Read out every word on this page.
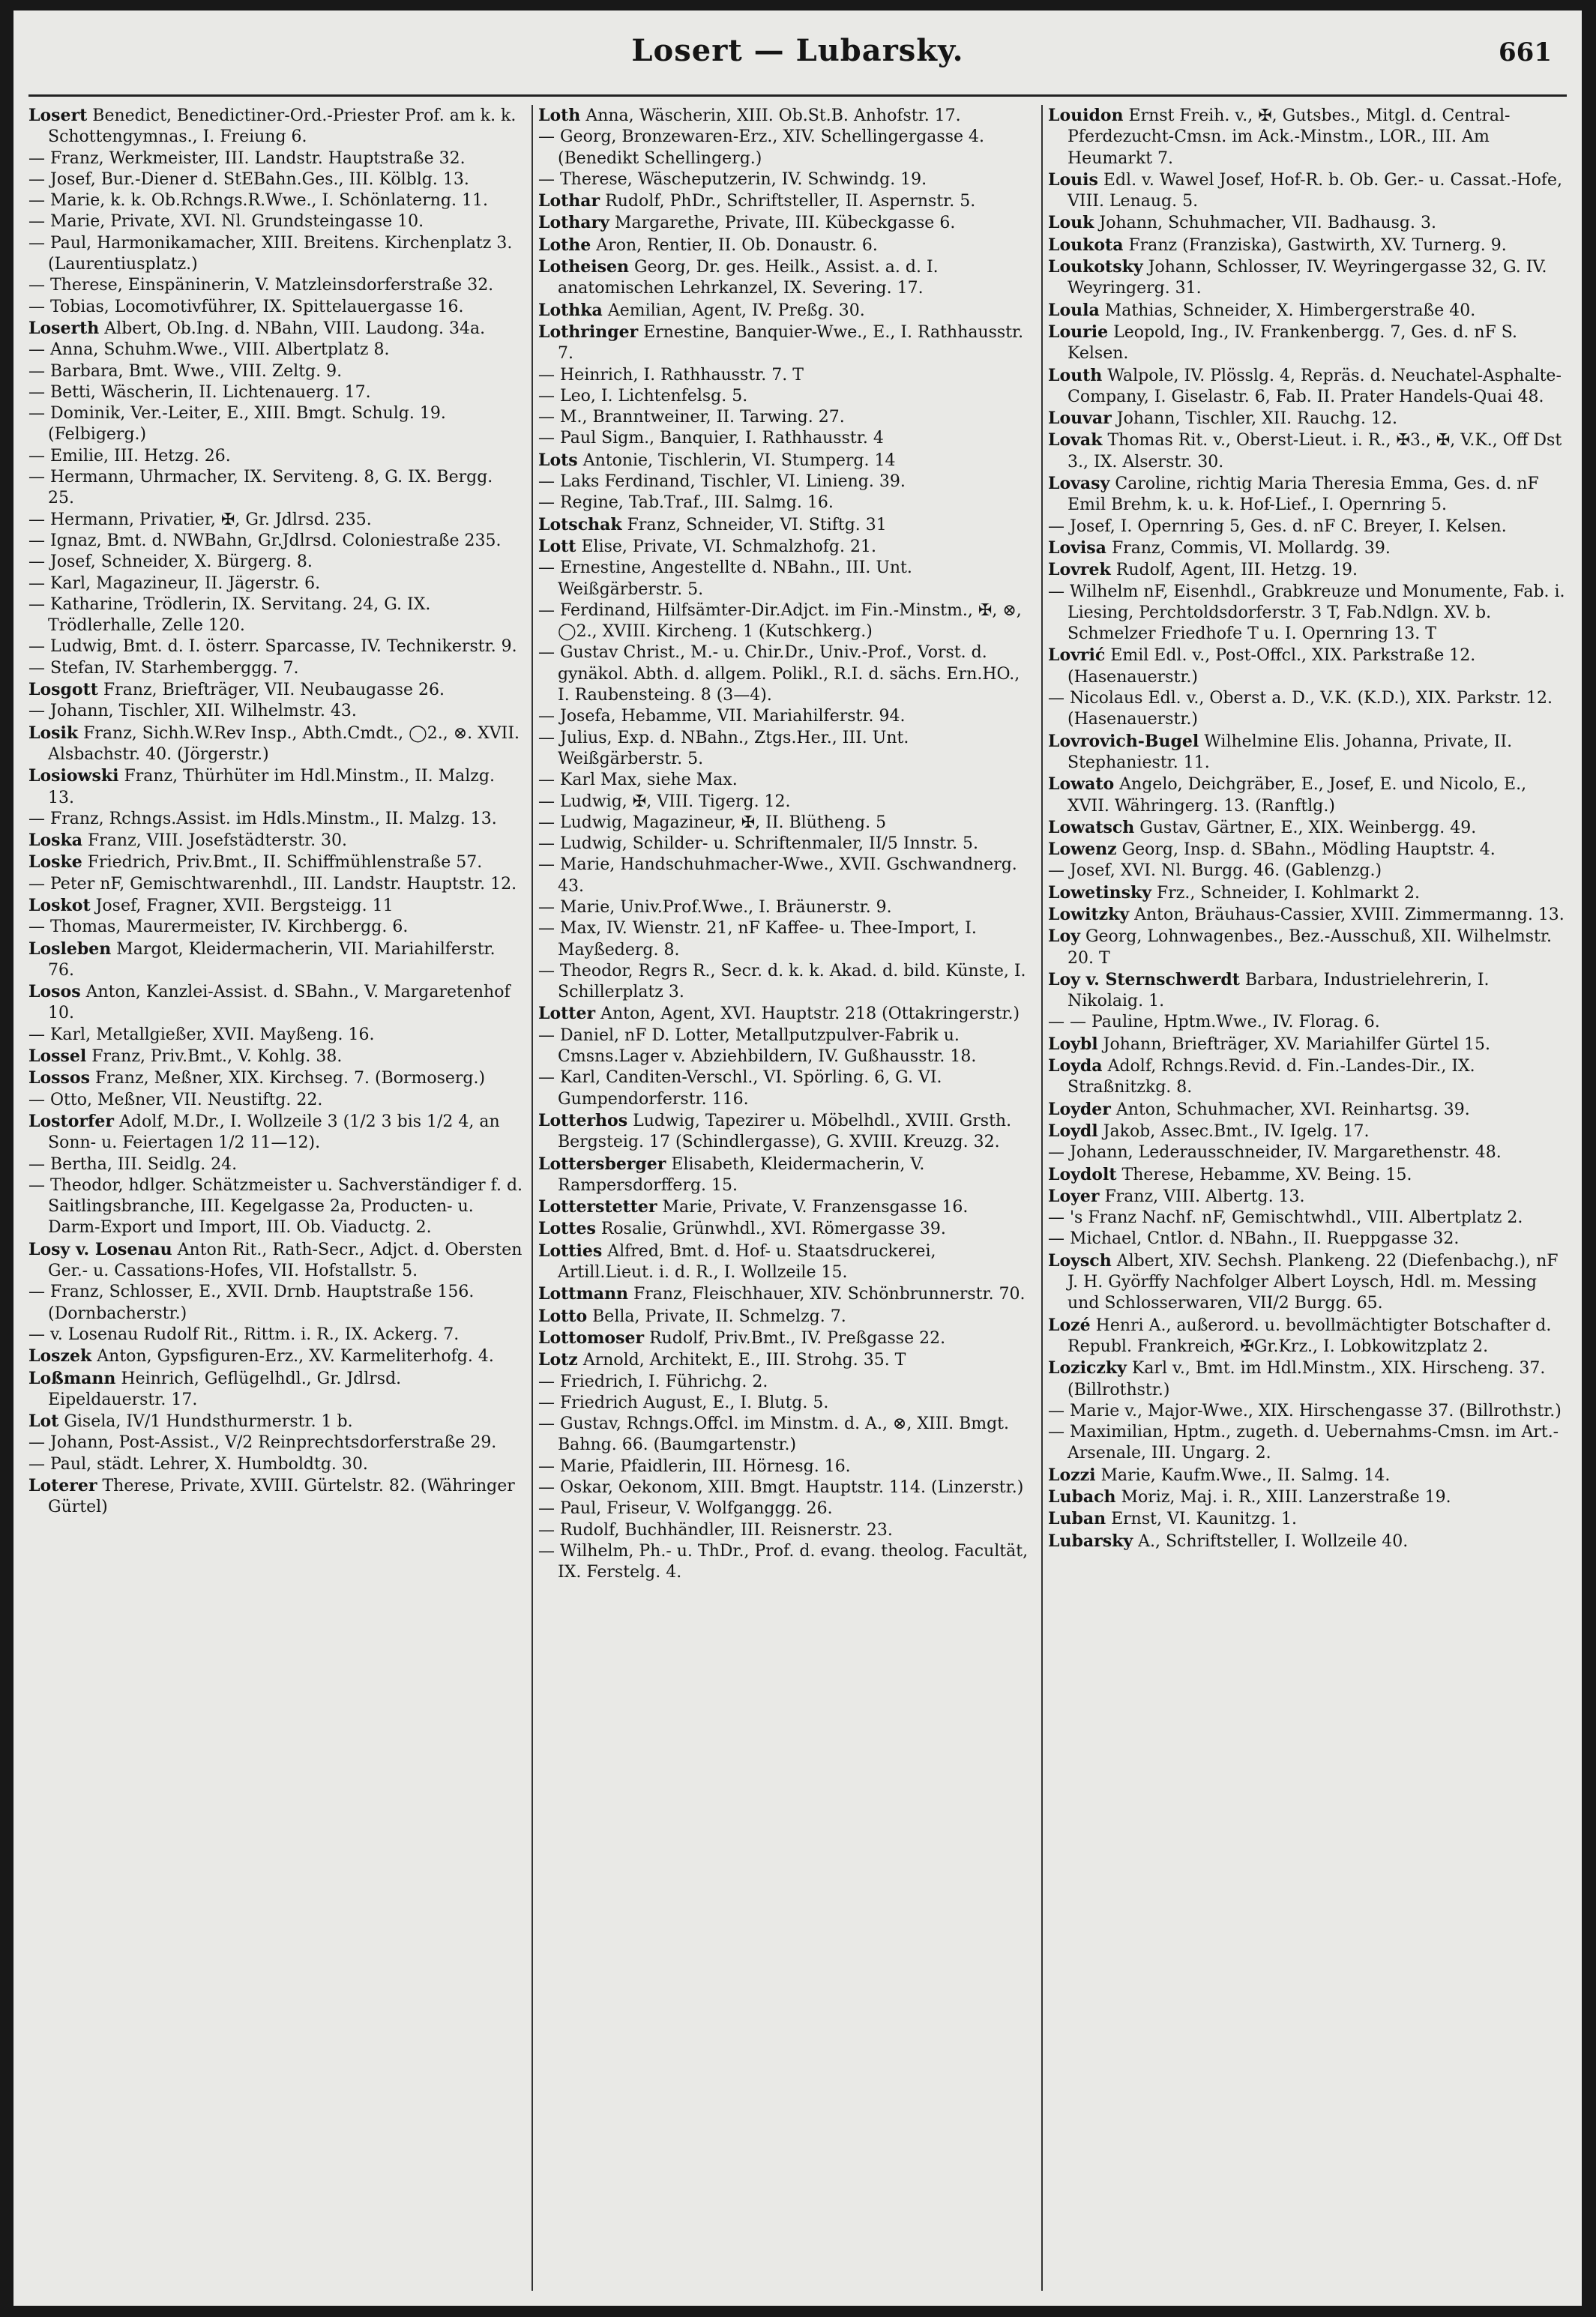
Losert — Lubarsky.	661

Losert Benedict, Benedictiner-Ord.-Priester Prof. am k. k. Schottengymnas., I. Freiung 6.

— Franz, Werkmeister, III. Landstr. Hauptstraße 32.

— Josef, Bur.-Diener d. StEBahn.Ges., III. Kölblg. 13.

— Marie, k. k. Ob.Rchngs.R.Wwe., I. Schönlaterng. 11.

— Marie, Private, XVI. Nl. Grundsteingasse 10.

— Paul, Harmonikamacher, XIII. Breitens. Kirchenplatz 3. (Laurentiusplatz.)

— Therese, Einspäninerin, V. Matzleinsdorferstraße 32.

— Tobias, Locomotivführer, IX. Spittelauergasse 16.

Loserth Albert, Ob.Ing. d. NBahn, VIII. Laudong. 34a.

— Anna, Schuhm.Wwe., VIII. Albertplatz 8.

— Barbara, Bmt. Wwe., VIII. Zeltg. 9.

— Betti, Wäscherin, II. Lichtenauerg. 17.

— Dominik, Ver.-Leiter, E., XIII. Bmgt. Schulg. 19. (Felbigerg.)

— Emilie, III. Hetzg. 26.

— Hermann, Uhrmacher, IX. Serviteng. 8, G. IX. Bergg. 25.

— Hermann, Privatier, ✠, Gr. Jdlrsd. 235.

— Ignaz, Bmt. d. NWBahn, Gr.Jdlrsd. Coloniestraße 235.

— Josef, Schneider, X. Bürgerg. 8.

— Karl, Magazineur, II. Jägerstr. 6.

— Katharine, Trödlerin, IX. Servitang. 24, G. IX. Trödlerhalle, Zelle 120.

— Ludwig, Bmt. d. I. österr. Sparcasse, IV. Technikerstr. 9.

— Stefan, IV. Starhemberggg. 7.

Losgott Franz, Briefträger, VII. Neubaugasse 26.

— Johann, Tischler, XII. Wilhelmstr. 43.

Losik Franz, Sichh.W.Rev Insp., Abth.Cmdt., ◯2., ⊗. XVII. Alsbachstr. 40. (Jörgerstr.)

Losiowski Franz, Thürhüter im Hdl.Minstm., II. Malzg. 13.

— Franz, Rchngs.Assist. im Hdls.Minstm., II. Malzg. 13.

Loska Franz, VIII. Josefstädterstr. 30.

Loske Friedrich, Priv.Bmt., II. Schiffmühlenstraße 57.

— Peter nF, Gemischtwarenhdl., III. Landstr. Hauptstr. 12.

Loskot Josef, Fragner, XVII. Bergsteigg. 11

— Thomas, Maurermeister, IV. Kirchbergg. 6.

Losleben Margot, Kleidermacherin, VII. Mariahilferstr. 76.

Losos Anton, Kanzlei-Assist. d. SBahn., V. Margaretenhof 10.

— Karl, Metallgießer, XVII. Mayßeng. 16.

Lossel Franz, Priv.Bmt., V. Kohlg. 38.

Lossos Franz, Meßner, XIX. Kirchseg. 7. (Bormoserg.)

— Otto, Meßner, VII. Neustiftg. 22.

Lostorfer Adolf, M.Dr., I. Wollzeile 3 (1/2 3 bis 1/2 4, an Sonn- u. Feiertagen 1/2 11—12).

— Bertha, III. Seidlg. 24.

— Theodor, hdlger. Schätzmeister u. Sachverständiger f. d. Saitlingsbranche, III. Kegelgasse 2a, Producten- u. Darm-Export und Import, III. Ob. Viaductg. 2.

Losy v. Losenau Anton Rit., Rath-Secr., Adjct. d. Obersten Ger.- u. Cassations-Hofes, VII. Hofstallstr. 5.

— Franz, Schlosser, E., XVII. Drnb. Hauptstraße 156. (Dornbacherstr.)

— v. Losenau Rudolf Rit., Rittm. i. R., IX. Ackerg. 7.

Loszek Anton, Gypsfiguren-Erz., XV. Karmeliterhofg. 4.

Loßmann Heinrich, Geflügelhdl., Gr. Jdlrsd. Eipeldauerstr. 17.

Lot Gisela, IV/1 Hundsthurmerstr. 1 b.

— Johann, Post-Assist., V/2 Reinprechtsdorferstraße 29.

— Paul, städt. Lehrer, X. Humboldtg. 30.

Loterer Therese, Private, XVIII. Gürtelstr. 82. (Währinger Gürtel)

Loth Anna, Wäscherin, XIII. Ob.St.B. Anhofstr. 17.

— Georg, Bronzewaren-Erz., XIV. Schellingergasse 4. (Benedikt Schellingerg.)

— Therese, Wäscheputzerin, IV. Schwindg. 19.

Lothar Rudolf, PhDr., Schriftsteller, II. Aspernstr. 5.

Lothary Margarethe, Private, III. Kübeckgasse 6.

Lothe Aron, Rentier, II. Ob. Donaustr. 6.

Lotheisen Georg, Dr. ges. Heilk., Assist. a. d. I. anatomischen Lehrkanzel, IX. Severing. 17.

Lothka Aemilian, Agent, IV. Preßg. 30.

Lothringer Ernestine, Banquier-Wwe., E., I. Rathhausstr. 7.

— Heinrich, I. Rathhausstr. 7. T

— Leo, I. Lichtenfelsg. 5.

— M., Branntweiner, II. Tarwing. 27.

— Paul Sigm., Banquier, I. Rathhausstr. 4

Lots Antonie, Tischlerin, VI. Stumperg. 14

— Laks Ferdinand, Tischler, VI. Linieng. 39.

— Regine, Tab.Traf., III. Salmg. 16.

Lotschak Franz, Schneider, VI. Stiftg. 31

Lott Elise, Private, VI. Schmalzhofg. 21.

— Ernestine, Angestellte d. NBahn., III. Unt. Weißgärberstr. 5.

— Ferdinand, Hilfsämter-Dir.Adjct. im Fin.-Minstm., ✠, ⊗, ◯2., XVIII. Kircheng. 1 (Kutschkerg.)

— Gustav Christ., M.- u. Chir.Dr., Univ.-Prof., Vorst. d. gynäkol. Abth. d. allgem. Polikl., R.I. d. sächs. Ern.HO., I. Raubensteing. 8 (3—4).

— Josefa, Hebamme, VII. Mariahilferstr. 94.

— Julius, Exp. d. NBahn., Ztgs.Her., III. Unt. Weißgärberstr. 5.

— Karl Max, siehe Max.

— Ludwig, ✠, VIII. Tigerg. 12.

— Ludwig, Magazineur, ✠, II. Blütheng. 5

— Ludwig, Schilder- u. Schriftenmaler, II/5 Innstr. 5.

— Marie, Handschuhmacher-Wwe., XVII. Gschwandnerg. 43.

— Marie, Univ.Prof.Wwe., I. Bräunerstr. 9.

— Max, IV. Wienstr. 21, nF Kaffee- u. Thee-Import, I. Mayßederg. 8.

— Theodor, Regrs R., Secr. d. k. k. Akad. d. bild. Künste, I. Schillerplatz 3.

Lotter Anton, Agent, XVI. Hauptstr. 218 (Ottakringerstr.)

— Daniel, nF D. Lotter, Metallputzpulver-Fabrik u. Cmsns.Lager v. Abziehbildern, IV. Gußhausstr. 18.

— Karl, Canditen-Verschl., VI. Spörling. 6, G. VI. Gumpendorferstr. 116.

Lotterhos Ludwig, Tapezirer u. Möbelhdl., XVIII. Grsth. Bergsteig. 17 (Schindlergasse), G. XVIII. Kreuzg. 32.

Lottersberger Elisabeth, Kleidermacherin, V. Rampersdorfferg. 15.

Lotterstetter Marie, Private, V. Franzensgasse 16.

Lottes Rosalie, Grünwhdl., XVI. Römergasse 39.

Lotties Alfred, Bmt. d. Hof- u. Staatsdruckerei, Artill.Lieut. i. d. R., I. Wollzeile 15.

Lottmann Franz, Fleischhauer, XIV. Schönbrunnerstr. 70.

Lotto Bella, Private, II. Schmelzg. 7.

Lottomoser Rudolf, Priv.Bmt., IV. Preßgasse 22.

Lotz Arnold, Architekt, E., III. Strohg. 35. T

— Friedrich, I. Führichg. 2.

— Friedrich August, E., I. Blutg. 5.

— Gustav, Rchngs.Offcl. im Minstm. d. A., ⊗, XIII. Bmgt. Bahng. 66. (Baumgartenstr.)

— Marie, Pfaidlerin, III. Hörnesg. 16.

— Oskar, Oekonom, XIII. Bmgt. Hauptstr. 114. (Linzerstr.)

— Paul, Friseur, V. Wolfganggg. 26.

— Rudolf, Buchhändler, III. Reisnerstr. 23.

— Wilhelm, Ph.- u. ThDr., Prof. d. evang. theolog. Facultät, IX. Ferstelg. 4.

Louidon Ernst Freih. v., ✠, Gutsbes., Mitgl. d. Central-Pferdezucht-Cmsn. im Ack.-Minstm., LOR., III. Am Heumarkt 7.

Louis Edl. v. Wawel Josef, Hof-R. b. Ob. Ger.- u. Cassat.-Hofe, VIII. Lenaug. 5.

Louk Johann, Schuhmacher, VII. Badhausg. 3.

Loukota Franz (Franziska), Gastwirth, XV. Turnerg. 9.

Loukotsky Johann, Schlosser, IV. Weyringergasse 32, G. IV. Weyringerg. 31.

Loula Mathias, Schneider, X. Himbergerstraße 40.

Lourie Leopold, Ing., IV. Frankenbergg. 7, Ges. d. nF S. Kelsen.

Louth Walpole, IV. Plösslg. 4, Repräs. d. Neuchatel-Asphalte-Company, I. Giselastr. 6, Fab. II. Prater Handels-Quai 48.

Louvar Johann, Tischler, XII. Rauchg. 12.

Lovak Thomas Rit. v., Oberst-Lieut. i. R., ✠3., ✠, V.K., Off Dst 3., IX. Alserstr. 30.

Lovasy Caroline, richtig Maria Theresia Emma, Ges. d. nF Emil Brehm, k. u. k. Hof-Lief., I. Opernring 5.

— Josef, I. Opernring 5, Ges. d. nF C. Breyer, I. Kelsen.

Lovisa Franz, Commis, VI. Mollardg. 39.

Lovrek Rudolf, Agent, III. Hetzg. 19.

— Wilhelm nF, Eisenhdl., Grabkreuze und Monumente, Fab. i. Liesing, Perchtoldsdorferstr. 3 T, Fab.Ndlgn. XV. b. Schmelzer Friedhofe T u. I. Opernring 13. T

Lovrić Emil Edl. v., Post-Offcl., XIX. Parkstraße 12. (Hasenauerstr.)

— Nicolaus Edl. v., Oberst a. D., V.K. (K.D.), XIX. Parkstr. 12. (Hasenauerstr.)

Lovrovich-Bugel Wilhelmine Elis. Johanna, Private, II. Stephaniestr. 11.

Lowato Angelo, Deichgräber, E., Josef, E. und Nicolo, E., XVII. Währingerg. 13. (Ranftlg.)

Lowatsch Gustav, Gärtner, E., XIX. Weinbergg. 49.

Lowenz Georg, Insp. d. SBahn., Mödling Hauptstr. 4.

— Josef, XVI. Nl. Burgg. 46. (Gablenzg.)

Lowetinsky Frz., Schneider, I. Kohlmarkt 2.

Lowitzky Anton, Bräuhaus-Cassier, XVIII. Zimmermanng. 13.

Loy Georg, Lohnwagenbes., Bez.-Ausschuß, XII. Wilhelmstr. 20. T

Loy v. Sternschwerdt Barbara, Industrielehrerin, I. Nikolaig. 1.

— — Pauline, Hptm.Wwe., IV. Florag. 6.

Loybl Johann, Briefträger, XV. Mariahilfer Gürtel 15.

Loyda Adolf, Rchngs.Revid. d. Fin.-Landes-Dir., IX. Straßnitzkg. 8.

Loyder Anton, Schuhmacher, XVI. Reinhartsg. 39.

Loydl Jakob, Assec.Bmt., IV. Igelg. 17.

— Johann, Lederausschneider, IV. Margarethenstr. 48.

Loydolt Therese, Hebamme, XV. Being. 15.

Loyer Franz, VIII. Albertg. 13.

— 's Franz Nachf. nF, Gemischtwhdl., VIII. Albertplatz 2.

— Michael, Cntlor. d. NBahn., II. Rueppgasse 32.

Loysch Albert, XIV. Sechsh. Plankeng. 22 (Diefenbachg.), nF J. H. Györffy Nachfolger Albert Loysch, Hdl. m. Messing und Schlosserwaren, VII/2 Burgg. 65.

Lozé Henri A., außerord. u. bevollmächtigter Botschafter d. Republ. Frankreich, ✠Gr.Krz., I. Lobkowitzplatz 2.

Loziczky Karl v., Bmt. im Hdl.Minstm., XIX. Hirscheng. 37. (Billrothstr.)

— Marie v., Major-Wwe., XIX. Hirschengasse 37. (Billrothstr.)

— Maximilian, Hptm., zugeth. d. Uebernahms-Cmsn. im Art.-Arsenale, III. Ungarg. 2.

Lozzi Marie, Kaufm.Wwe., II. Salmg. 14.

Lubach Moriz, Maj. i. R., XIII. Lanzerstraße 19.

Luban Ernst, VI. Kaunitzg. 1.

Lubarsky A., Schriftsteller, I. Wollzeile 40.
